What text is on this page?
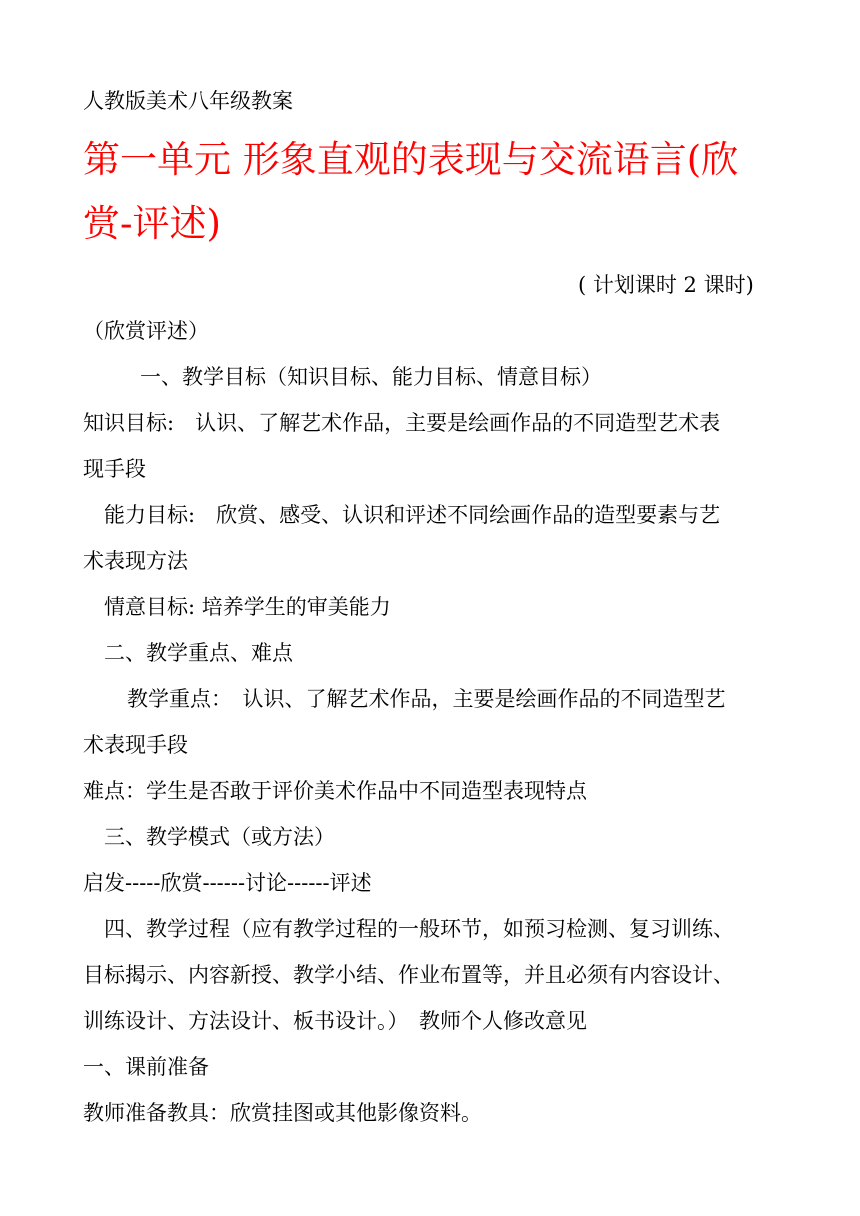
人教版美术八年级教案
第一单元 形象直观的表现与交流语言(欣
赏-评述)
( 计划课时 2 课时)
（欣赏评述）
一、教学目标（知识目标、能力目标、情意目标）
知识目标:　认识、了解艺术作品，主要是绘画作品的不同造型艺术表
现手段
能力目标:　欣赏、感受、认识和评述不同绘画作品的造型要素与艺
术表现方法
情意目标: 培养学生的审美能力
二、教学重点、难点
教学重点：　认识、了解艺术作品，主要是绘画作品的不同造型艺
术表现手段
难点：学生是否敢于评价美术作品中不同造型表现特点
三、教学模式（或方法）
启发-----欣赏------讨论------评述
四、教学过程（应有教学过程的一般环节，如预习检测、复习训练、
目标揭示、内容新授、教学小结、作业布置等，并且必须有内容设计、
训练设计、方法设计、板书设计。）　教师个人修改意见
一、课前准备
教师准备教具：欣赏挂图或其他影像资料。
